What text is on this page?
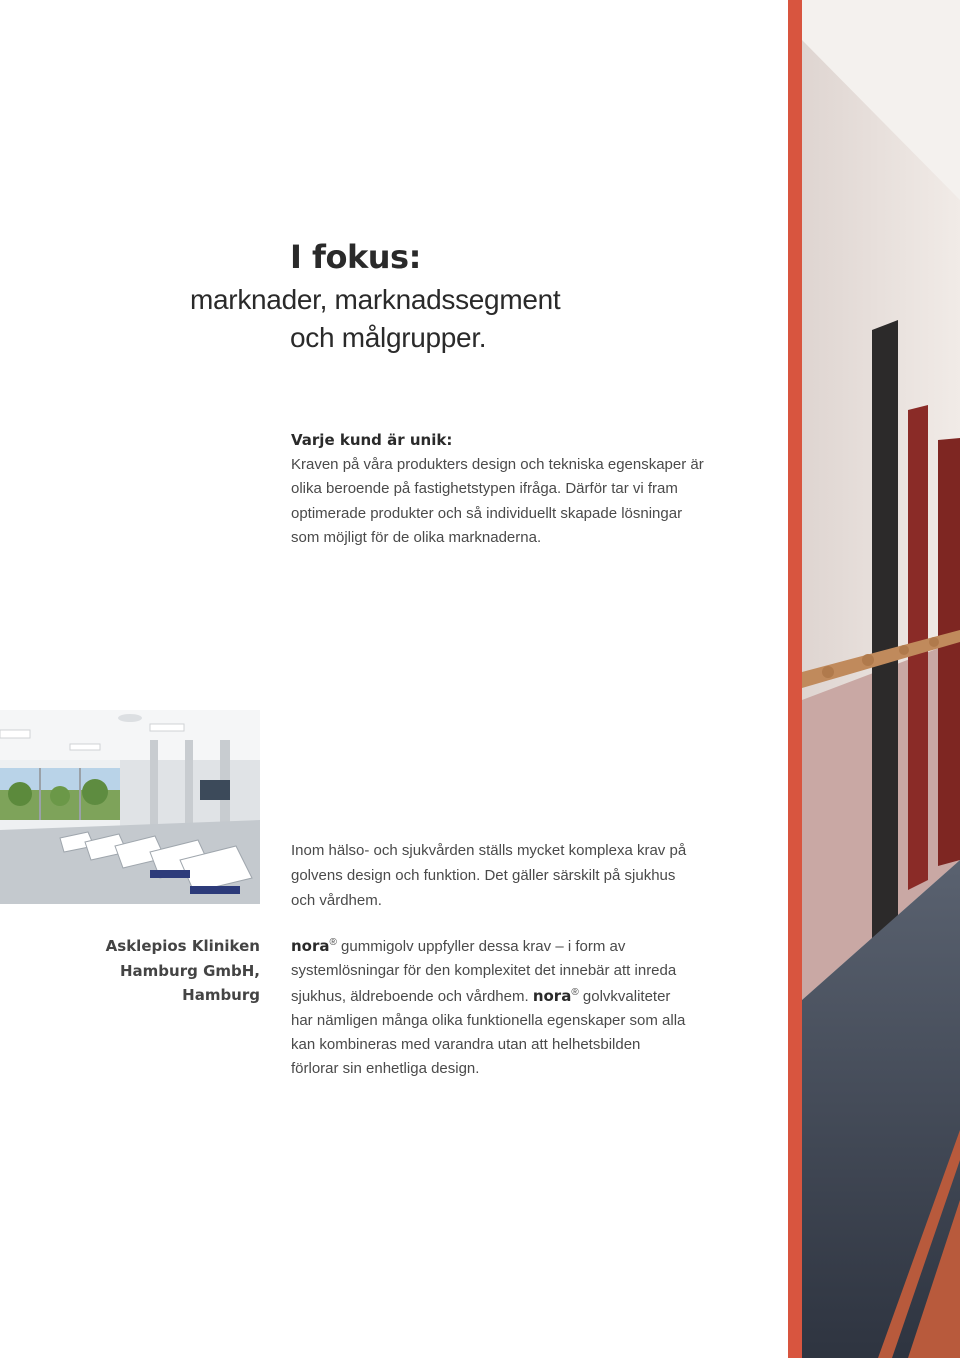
I fokus:
marknader, marknadssegment
och målgrupper.
Varje kund är unik:
Kraven på våra produkters design och tekniska egenskaper är olika beroende på fastighetstypen ifråga. Därför tar vi fram optimerade produkter och så individuellt skapade lösningar som möjligt för de olika marknaderna.
Asklepios Kliniken
Hamburg GmbH,
Hamburg
Inom hälso- och sjukvården ställs mycket komplexa krav på golvens design och funktion. Det gäller särskilt på sjukhus och vårdhem.
nora® gummigolv uppfyller dessa krav – i form av systemlösningar för den komplexitet det innebär att inreda sjukhus, äldreboende och vårdhem. nora® golvkvaliteter har nämligen många olika funktionella egenskaper som alla kan kombineras med varandra utan att helhetsbilden förlorar sin enhetliga design.
